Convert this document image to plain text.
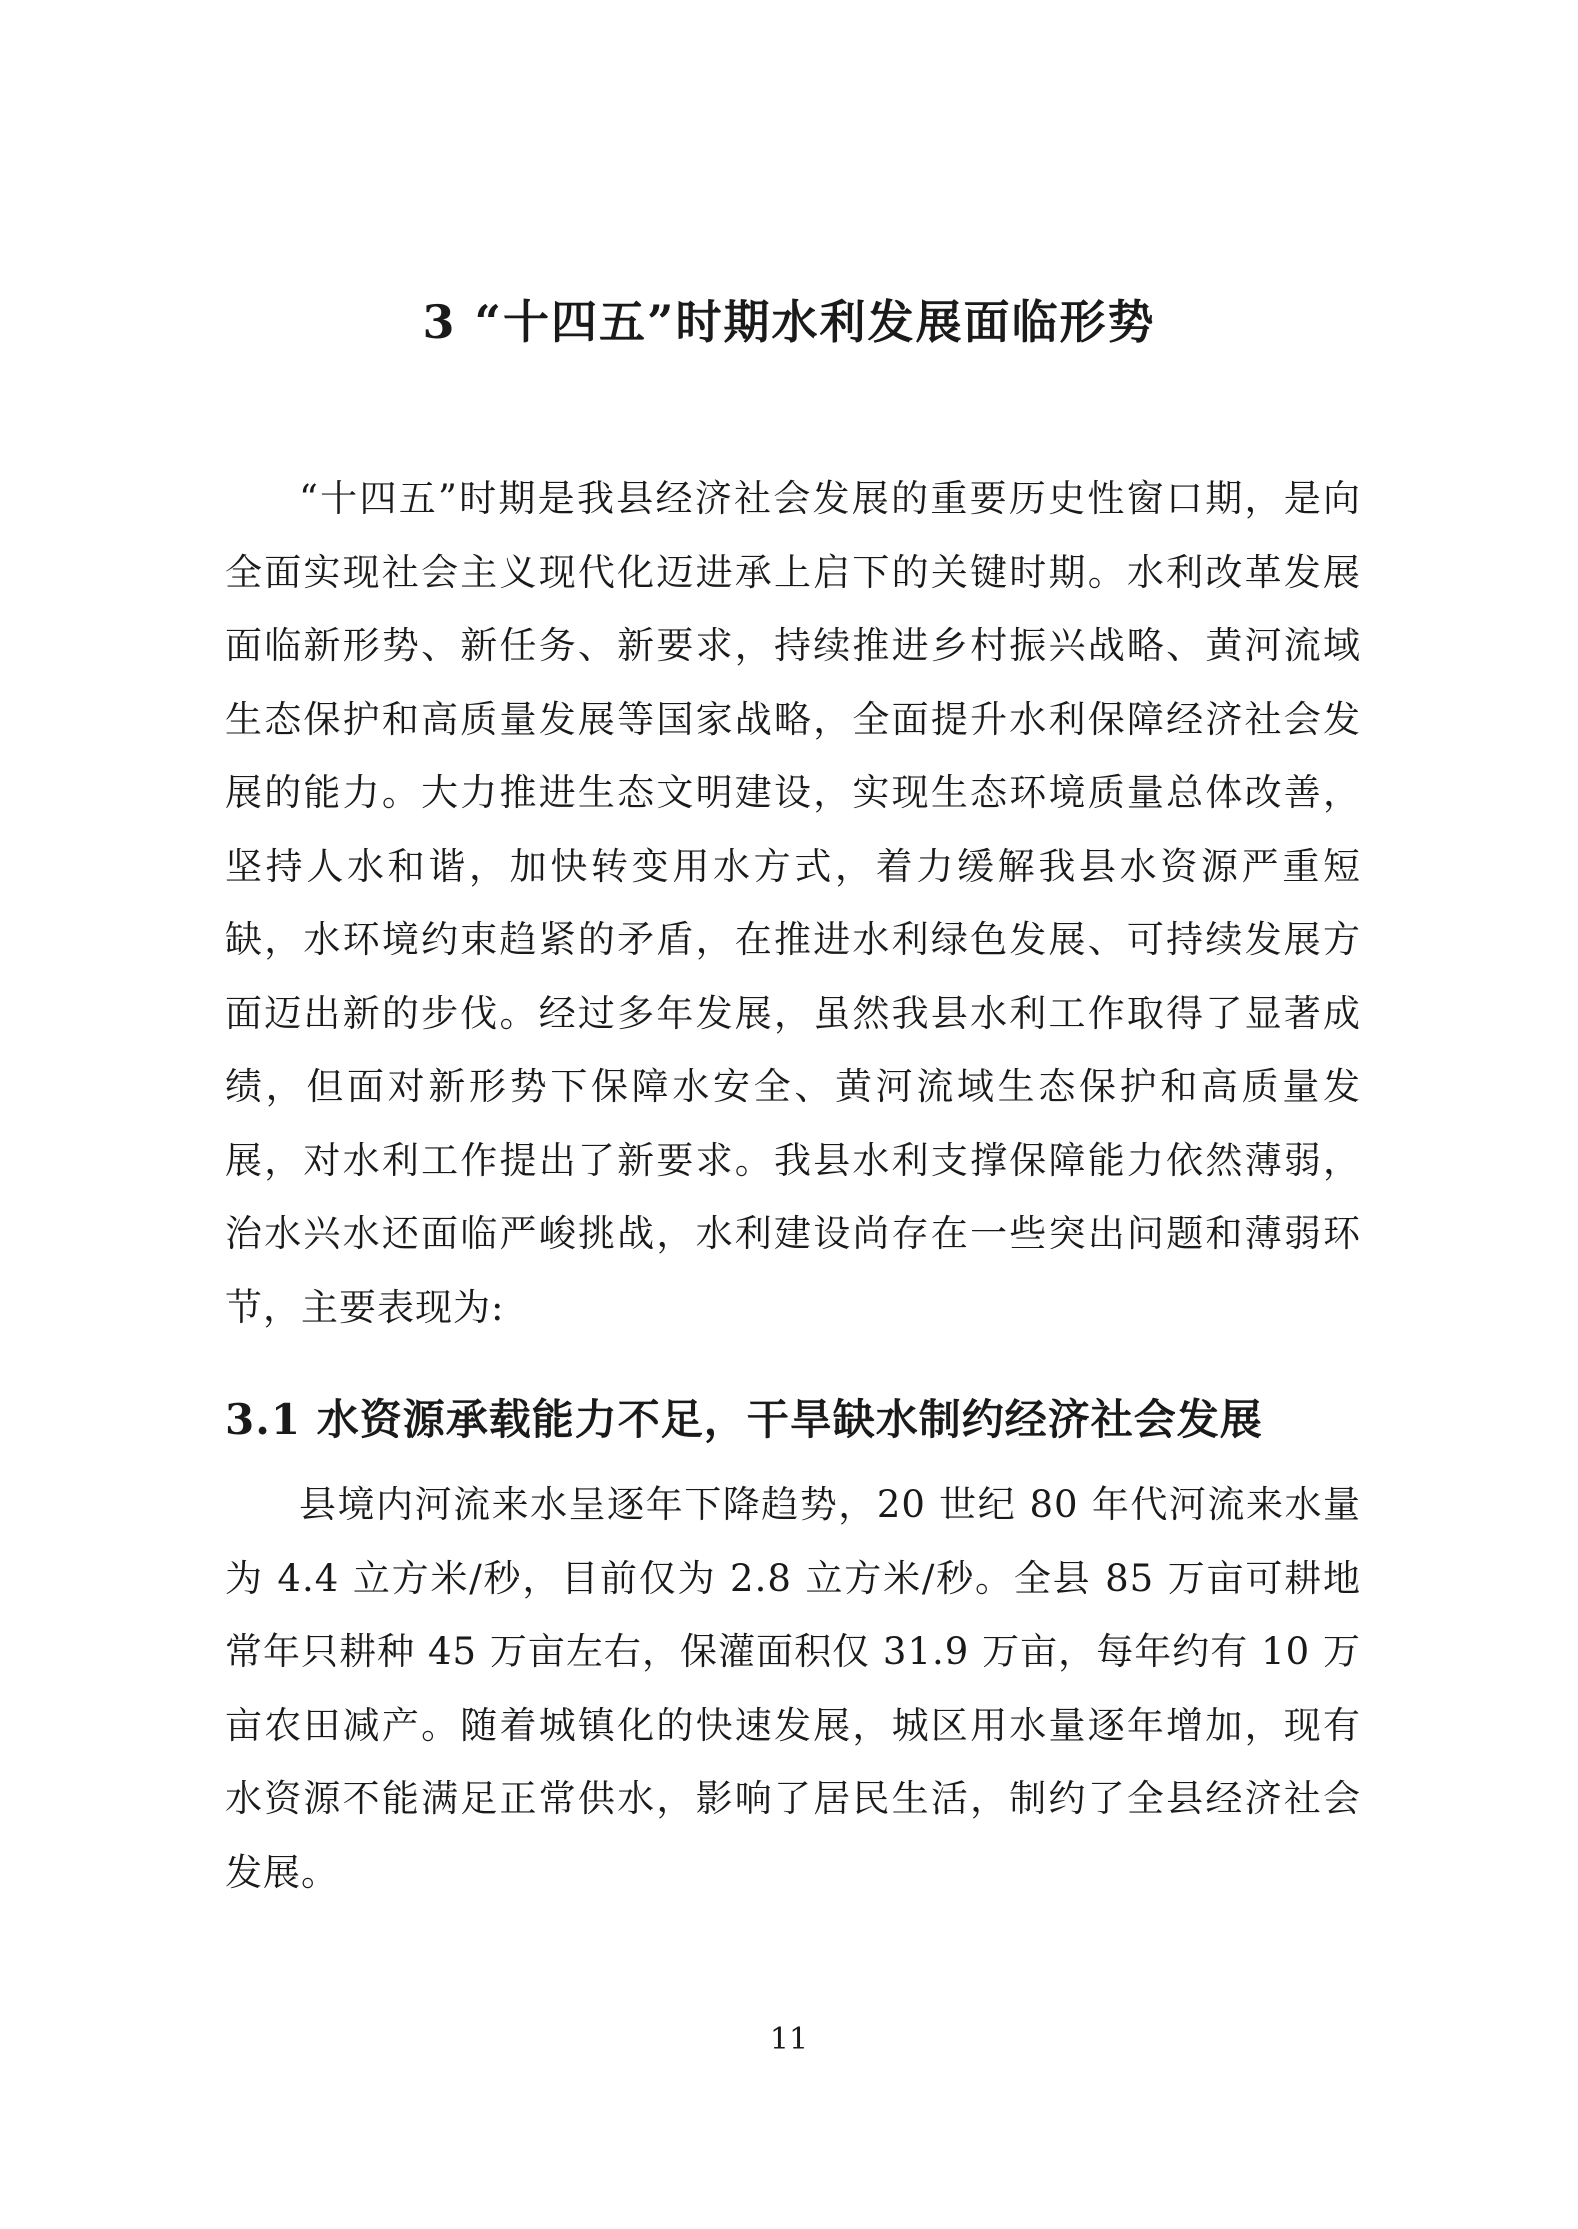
3 “十四五”时期水利发展面临形势

“十四五”时期是我县经济社会发展的重要历史性窗口期，是向全面实现社会主义现代化迈进承上启下的关键时期。水利改革发展面临新形势、新任务、新要求，持续推进乡村振兴战略、黄河流域生态保护和高质量发展等国家战略，全面提升水利保障经济社会发展的能力。大力推进生态文明建设，实现生态环境质量总体改善，坚持人水和谐，加快转变用水方式，着力缓解我县水资源严重短缺，水环境约束趋紧的矛盾，在推进水利绿色发展、可持续发展方面迈出新的步伐。经过多年发展，虽然我县水利工作取得了显著成绩，但面对新形势下保障水安全、黄河流域生态保护和高质量发展，对水利工作提出了新要求。我县水利支撑保障能力依然薄弱，治水兴水还面临严峻挑战，水利建设尚存在一些突出问题和薄弱环节，主要表现为:

3.1 水资源承载能力不足，干旱缺水制约经济社会发展

县境内河流来水呈逐年下降趋势，20 世纪 80 年代河流来水量为 4.4 立方米/秒，目前仅为 2.8 立方米/秒。全县 85 万亩可耕地常年只耕种 45 万亩左右，保灌面积仅 31.9 万亩，每年约有 10 万亩农田减产。随着城镇化的快速发展，城区用水量逐年增加，现有水资源不能满足正常供水，影响了居民生活，制约了全县经济社会发展。

11
